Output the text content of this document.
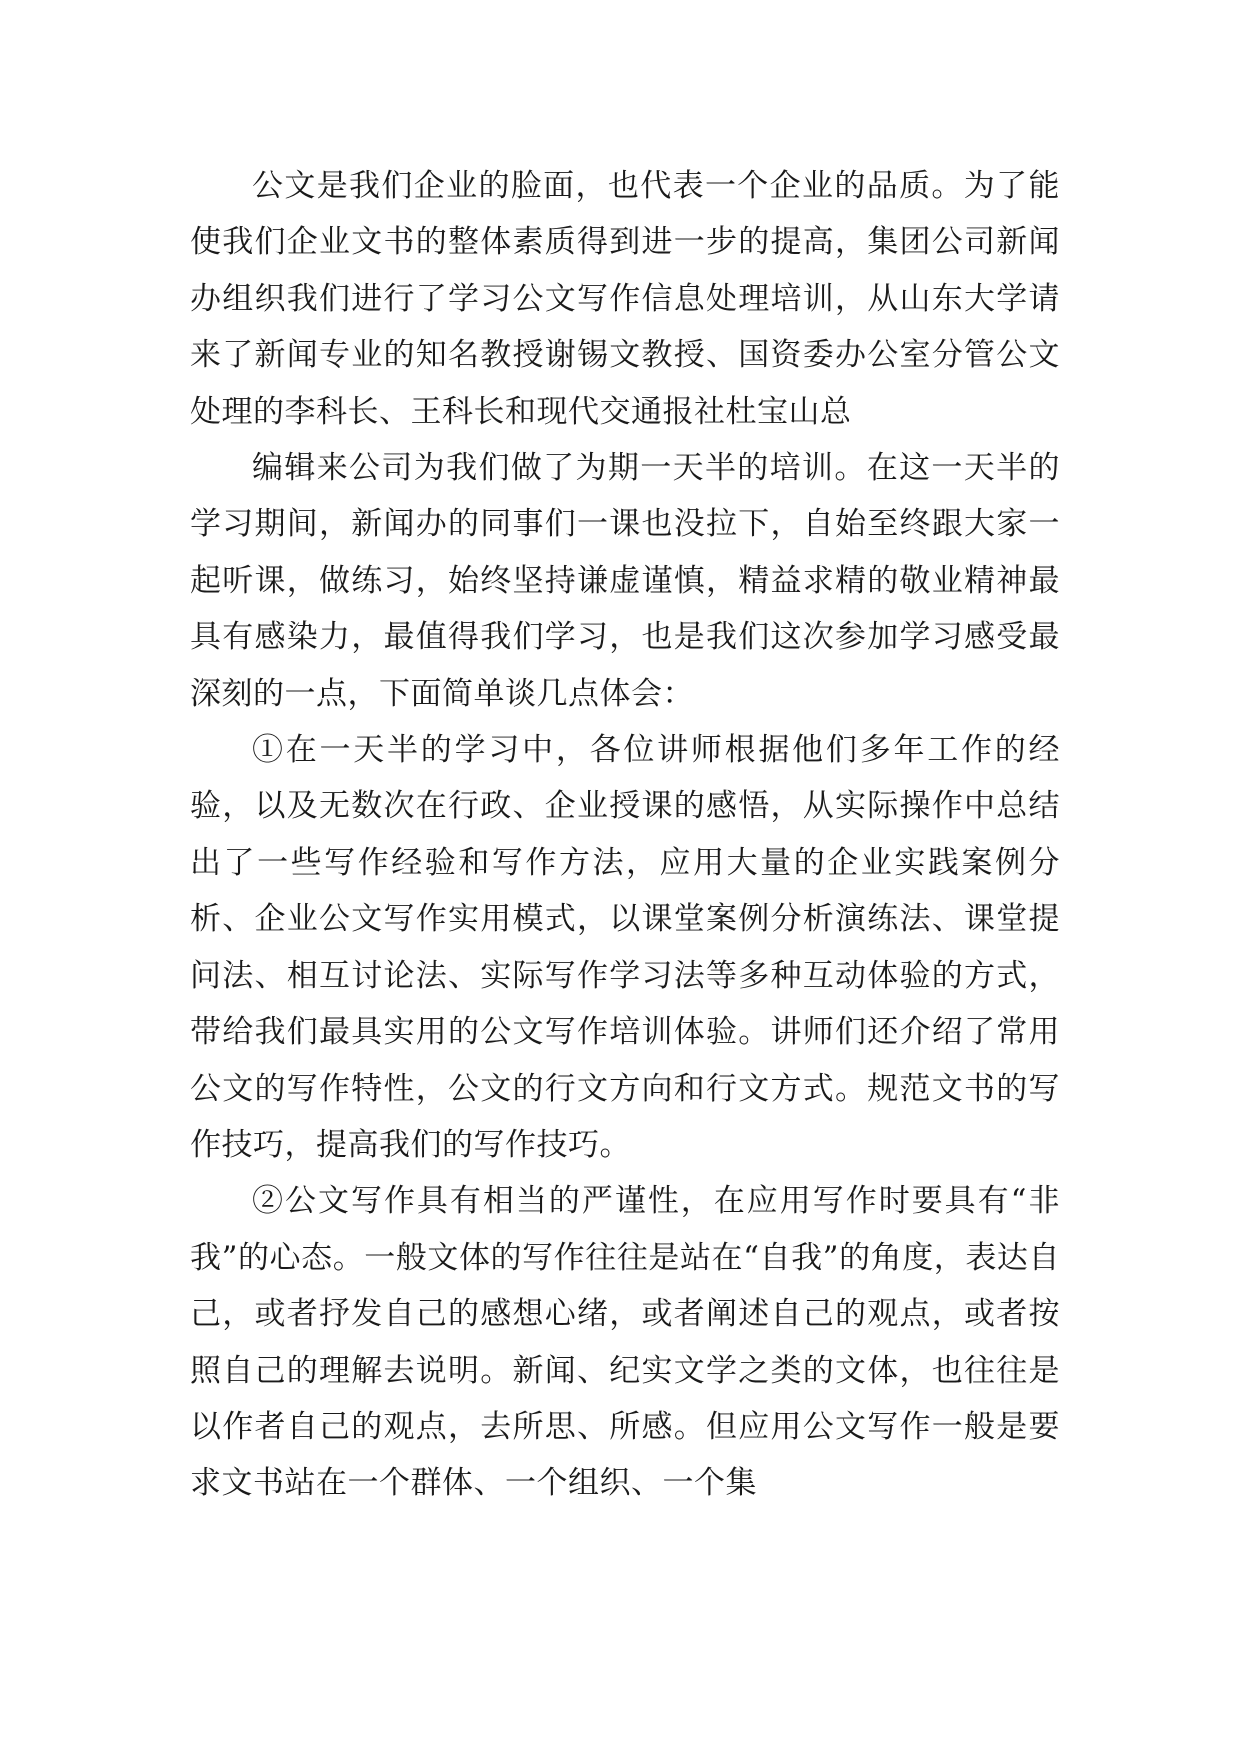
公文是我们企业的脸面，也代表一个企业的品质。为了能使我们企业文书的整体素质得到进一步的提高，集团公司新闻办组织我们进行了学习公文写作信息处理培训，从山东大学请来了新闻专业的知名教授谢锡文教授、国资委办公室分管公文处理的李科长、王科长和现代交通报社杜宝山总

编辑来公司为我们做了为期一天半的培训。在这一天半的学习期间，新闻办的同事们一课也没拉下，自始至终跟大家一起听课，做练习，始终坚持谦虚谨慎，精益求精的敬业精神最具有感染力，最值得我们学习，也是我们这次参加学习感受最深刻的一点，下面简单谈几点体会：

①在一天半的学习中，各位讲师根据他们多年工作的经验，以及无数次在行政、企业授课的感悟，从实际操作中总结出了一些写作经验和写作方法，应用大量的企业实践案例分析、企业公文写作实用模式，以课堂案例分析演练法、课堂提问法、相互讨论法、实际写作学习法等多种互动体验的方式，带给我们最具实用的公文写作培训体验。讲师们还介绍了常用公文的写作特性，公文的行文方向和行文方式。规范文书的写作技巧，提高我们的写作技巧。

②公文写作具有相当的严谨性，在应用写作时要具有“非我”的心态。一般文体的写作往往是站在“自我”的角度，表达自己，或者抒发自己的感想心绪，或者阐述自己的观点，或者按照自己的理解去说明。新闻、纪实文学之类的文体，也往往是以作者自己的观点，去所思、所感。但应用公文写作一般是要求文书站在一个群体、一个组织、一个集
